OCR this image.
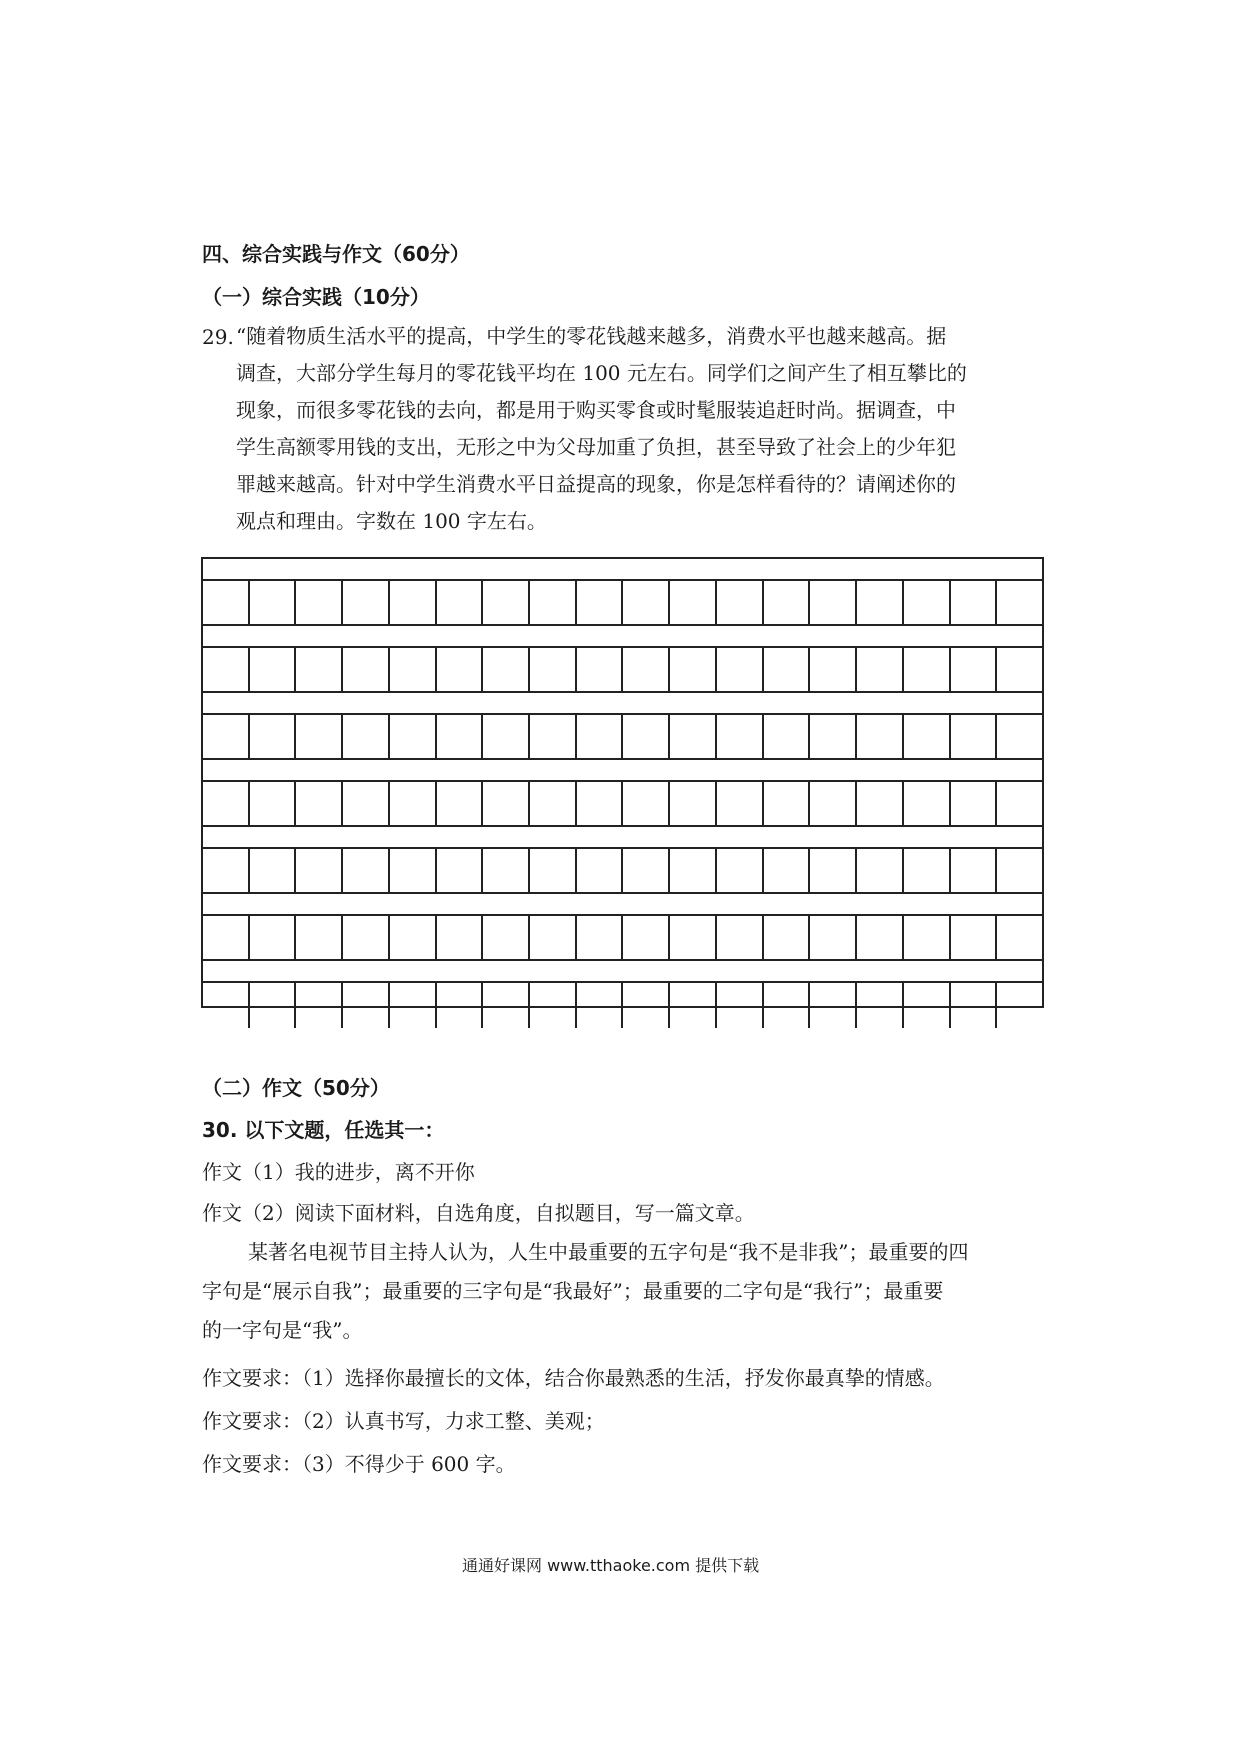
四、综合实践与作文（60分）
（一）综合实践（10分）
29. “随着物质生活水平的提高，中学生的零花钱越来越多，消费水平也越来越高。据
调查，大部分学生每月的零花钱平均在 100 元左右。同学们之间产生了相互攀比的
现象，而很多零花钱的去向，都是用于购买零食或时髦服装追赶时尚。据调查，中
学生高额零用钱的支出，无形之中为父母加重了负担，甚至导致了社会上的少年犯
罪越来越高。针对中学生消费水平日益提高的现象，你是怎样看待的？请阐述你的
观点和理由。字数在 100 字左右。
（二）作文（50分）
30. 以下文题，任选其一：
作文（1）我的进步，离不开你
作文（2）阅读下面材料，自选角度，自拟题目，写一篇文章。
某著名电视节目主持人认为，人生中最重要的五字句是“我不是非我”；最重要的四
字句是“展示自我”；最重要的三字句是“我最好”；最重要的二字句是“我行”；最重要
的一字句是“我”。
作文要求：（1）选择你最擅长的文体，结合你最熟悉的生活，抒发你最真挚的情感。
作文要求：（2）认真书写，力求工整、美观；
作文要求：（3）不得少于 600 字。
通通好课网 www.tthaoke.com 提供下载
